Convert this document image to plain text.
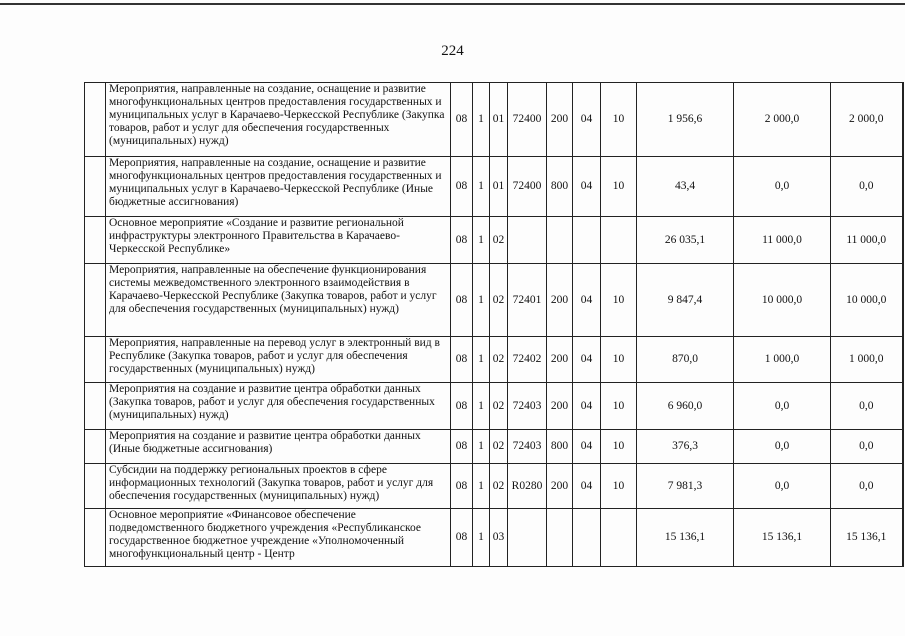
224
	Мероприятия, направленные на создание, оснащение и развитие многофункциональных центров предоставления государственных и муниципальных услуг в Карачаево-Черкесской Республике (Закупка товаров, работ и услуг для обеспечения государственных (муниципальных) нужд)	08	1	01	72400	200	04	10	1 956,6	2 000,0	2 000,0
	Мероприятия, направленные на создание, оснащение и развитие многофункциональных центров предоставления государственных и муниципальных услуг в Карачаево-Черкесской Республике (Иные бюджетные ассигнования)	08	1	01	72400	800	04	10	43,4	0,0	0,0
	Основное мероприятие «Создание и развитие региональной инфраструктуры электронного Правительства в Карачаево-Черкесской Республике»	08	1	02					26 035,1	11 000,0	11 000,0
	Мероприятия, направленные на обеспечение функционирования системы межведомственного электронного взаимодействия в Карачаево-Черкесской Республике (Закупка товаров, работ и услуг для обеспечения государственных (муниципальных) нужд)	08	1	02	72401	200	04	10	9 847,4	10 000,0	10 000,0
	Мероприятия, направленные на перевод услуг в электронный вид в Республике (Закупка товаров, работ и услуг для обеспечения государственных (муниципальных) нужд)	08	1	02	72402	200	04	10	870,0	1 000,0	1 000,0
	Мероприятия на создание и развитие центра обработки данных (Закупка товаров, работ и услуг для обеспечения государственных (муниципальных) нужд)	08	1	02	72403	200	04	10	6 960,0	0,0	0,0
	Мероприятия на создание и развитие центра обработки данных (Иные бюджетные ассигнования)	08	1	02	72403	800	04	10	376,3	0,0	0,0
	Субсидии на поддержку региональных проектов в сфере информационных технологий (Закупка товаров, работ и услуг для обеспечения государственных (муниципальных) нужд)	08	1	02	R0280	200	04	10	7 981,3	0,0	0,0
	Основное мероприятие «Финансовое обеспечение подведомственного бюджетного учреждения «Республиканское государственное бюджетное учреждение «Уполномоченный многофункциональный центр - Центр	08	1	03					15 136,1	15 136,1	15 136,1
